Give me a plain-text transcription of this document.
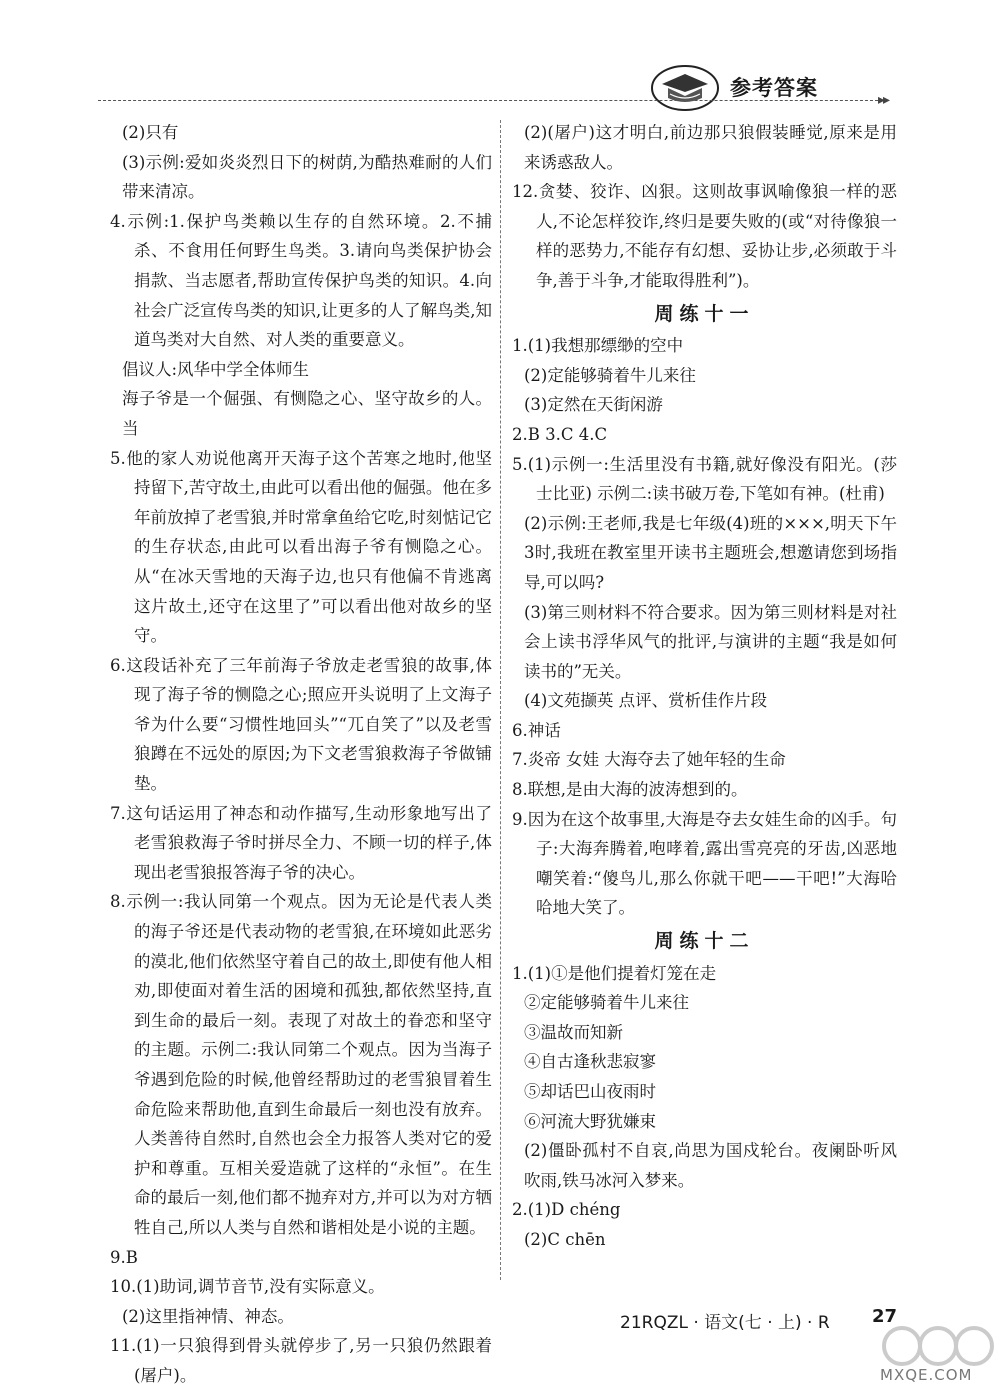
参考答案	▸▸

(2)只有

(3)示例:爱如炎炎烈日下的树荫,为酷热难耐的人们带来清凉。

4.示例:1.保护鸟类赖以生存的自然环境。2.不捕杀、不食用任何野生鸟类。3.请向鸟类保护协会捐款、当志愿者,帮助宣传保护鸟类的知识。4.向社会广泛宣传鸟类的知识,让更多的人了解鸟类,知道鸟类对大自然、对人类的重要意义。

倡议人:风华中学全体师生

海子爷是一个倔强、有恻隐之心、坚守故乡的人。当

5.他的家人劝说他离开天海子这个苦寒之地时,他坚持留下,苦守故土,由此可以看出他的倔强。他在多年前放掉了老雪狼,并时常拿鱼给它吃,时刻惦记它的生存状态,由此可以看出海子爷有恻隐之心。从“在冰天雪地的天海子边,也只有他偏不肯逃离这片故土,还守在这里了”可以看出他对故乡的坚守。

6.这段话补充了三年前海子爷放走老雪狼的故事,体现了海子爷的恻隐之心;照应开头说明了上文海子爷为什么要“习惯性地回头”“兀自笑了”以及老雪狼蹲在不远处的原因;为下文老雪狼救海子爷做铺垫。

7.这句话运用了神态和动作描写,生动形象地写出了老雪狼救海子爷时拼尽全力、不顾一切的样子,体现出老雪狼报答海子爷的决心。

8.示例一:我认同第一个观点。因为无论是代表人类的海子爷还是代表动物的老雪狼,在环境如此恶劣的漠北,他们依然坚守着自己的故土,即使有他人相劝,即使面对着生活的困境和孤独,都依然坚持,直到生命的最后一刻。表现了对故土的眷恋和坚守的主题。示例二:我认同第二个观点。因为当海子爷遇到危险的时候,他曾经帮助过的老雪狼冒着生命危险来帮助他,直到生命最后一刻也没有放弃。人类善待自然时,自然也会全力报答人类对它的爱护和尊重。互相关爱造就了这样的“永恒”。在生命的最后一刻,他们都不抛弃对方,并可以为对方牺牲自己,所以人类与自然和谐相处是小说的主题。

9.B

10.(1)助词,调节音节,没有实际意义。

(2)这里指神情、神态。

11.(1)一只狼得到骨头就停步了,另一只狼仍然跟着(屠户)。

(2)(屠户)这才明白,前边那只狼假装睡觉,原来是用来诱惑敌人。

12.贪婪、狡诈、凶狠。这则故事讽喻像狼一样的恶人,不论怎样狡诈,终归是要失败的(或“对待像狼一样的恶势力,不能存有幻想、妥协让步,必须敢于斗争,善于斗争,才能取得胜利”)。

周练十一

1.(1)我想那缥缈的空中

(2)定能够骑着牛儿来往

(3)定然在天街闲游

2.B 3.C 4.C

5.(1)示例一:生活里没有书籍,就好像没有阳光。(莎士比亚) 示例二:读书破万卷,下笔如有神。(杜甫)

(2)示例:王老师,我是七年级(4)班的×××,明天下午3时,我班在教室里开读书主题班会,想邀请您到场指导,可以吗?

(3)第三则材料不符合要求。因为第三则材料是对社会上读书浮华风气的批评,与演讲的主题“我是如何读书的”无关。

(4)文苑撷英 点评、赏析佳作片段

6.神话

7.炎帝 女娃 大海夺去了她年轻的生命

8.联想,是由大海的波涛想到的。

9.因为在这个故事里,大海是夺去女娃生命的凶手。句子:大海奔腾着,咆哮着,露出雪亮亮的牙齿,凶恶地嘲笑着:“傻鸟儿,那么你就干吧——干吧!”大海哈哈地大笑了。

周练十二

1.(1)①是他们提着灯笼在走

②定能够骑着牛儿来往

③温故而知新

④自古逢秋悲寂寥

⑤却话巴山夜雨时

⑥河流大野犹嫌束

(2)僵卧孤村不自哀,尚思为国戍轮台。夜阑卧听风吹雨,铁马冰河入梦来。

2.(1)D chéng

(2)C chēn

21RQZL · 语文(七 · 上) · R 27
MXQE.COM
